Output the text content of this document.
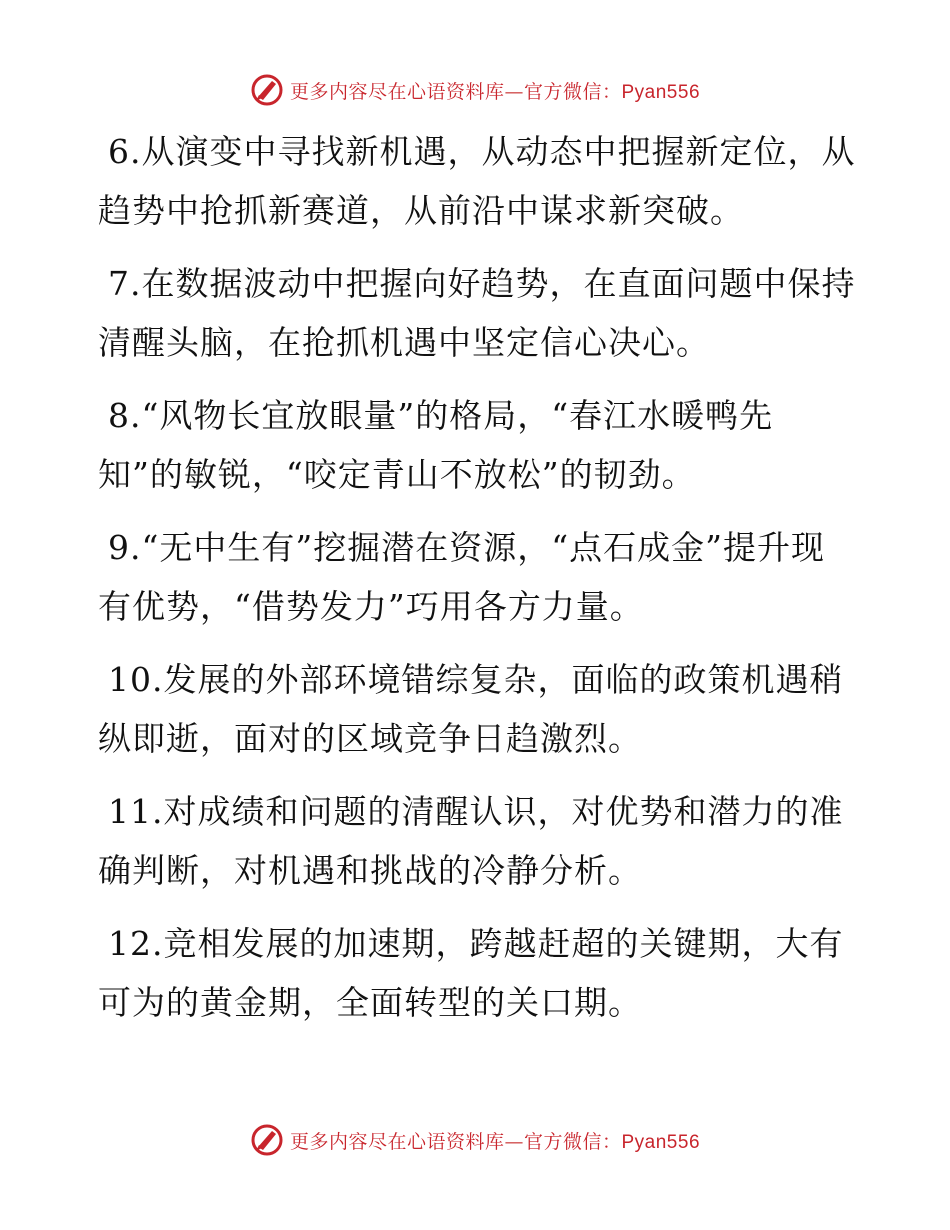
更多内容尽在心语资料库—官方微信：Pyan556

6.从演变中寻找新机遇，从动态中把握新定位，从趋势中抢抓新赛道，从前沿中谋求新突破。

7.在数据波动中把握向好趋势，在直面问题中保持清醒头脑，在抢抓机遇中坚定信心决心。

8.“风物长宜放眼量”的格局，“春江水暖鸭先知”的敏锐，“咬定青山不放松”的韧劲。

9.“无中生有”挖掘潜在资源，“点石成金”提升现有优势，“借势发力”巧用各方力量。

10.发展的外部环境错综复杂，面临的政策机遇稍纵即逝，面对的区域竞争日趋激烈。

11.对成绩和问题的清醒认识，对优势和潜力的准确判断，对机遇和挑战的冷静分析。

12.竞相发展的加速期，跨越赶超的关键期，大有可为的黄金期，全面转型的关口期。

更多内容尽在心语资料库—官方微信：Pyan556
